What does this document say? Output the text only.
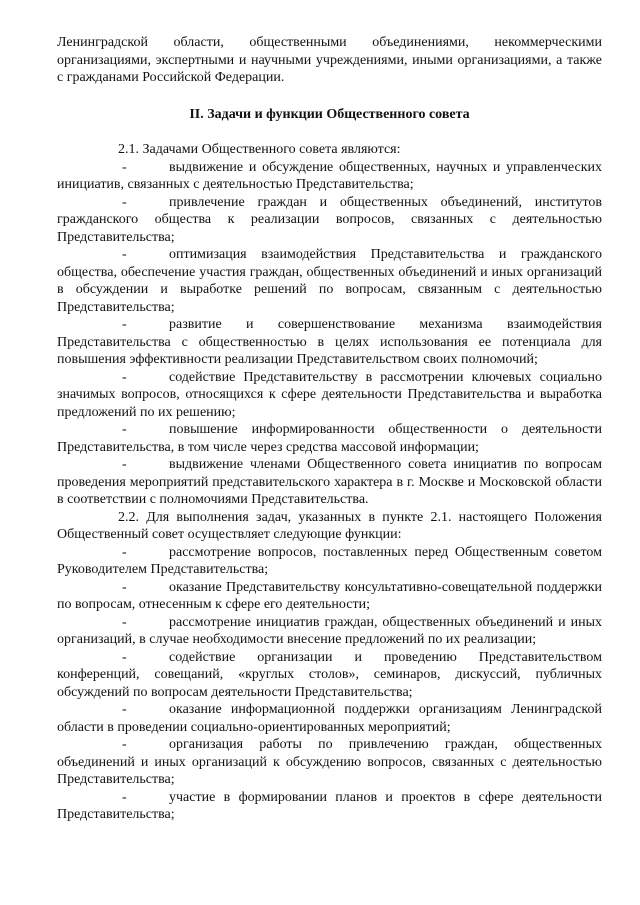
Ленинградской области, общественными объединениями, некоммерческими организациями, экспертными и научными учреждениями, иными организациями, а также с гражданами Российской Федерации.

II. Задачи и функции Общественного совета

2.1. Задачами Общественного совета являются:

-	выдвижение и обсуждение общественных, научных и управленческих инициатив, связанных с деятельностью Представительства;

-	привлечение граждан и общественных объединений, институтов гражданского общества к реализации вопросов, связанных с деятельностью Представительства;

-	оптимизация взаимодействия Представительства и гражданского общества, обеспечение участия граждан, общественных объединений и иных организаций в обсуждении и выработке решений по вопросам, связанным с деятельностью Представительства;

-	развитие и совершенствование механизма взаимодействия Представительства с общественностью в целях использования ее потенциала для повышения эффективности реализации Представительством своих полномочий;

-	содействие Представительству в рассмотрении ключевых социально значимых вопросов, относящихся к сфере деятельности Представительства и выработка предложений по их решению;

-	повышение информированности общественности о деятельности Представительства, в том числе через средства массовой информации;

-	выдвижение членами Общественного совета инициатив по вопросам проведения мероприятий представительского характера в г. Москве и Московской области в соответствии с полномочиями Представительства.

2.2. Для выполнения задач, указанных в пункте 2.1. настоящего Положения Общественный совет осуществляет следующие функции:

-	рассмотрение вопросов, поставленных перед Общественным советом Руководителем Представительства;

-	оказание Представительству консультативно-совещательной поддержки по вопросам, отнесенным к сфере его деятельности;

-	рассмотрение инициатив граждан, общественных объединений и иных организаций, в случае необходимости внесение предложений по их реализации;

-	содействие организации и проведению Представительством конференций, совещаний, «круглых столов», семинаров, дискуссий, публичных обсуждений по вопросам деятельности Представительства;

-	оказание информационной поддержки организациям Ленинградской области в проведении социально-ориентированных мероприятий;

-	организация работы по привлечению граждан, общественных объединений и иных организаций к обсуждению вопросов, связанных с деятельностью Представительства;

-	участие в формировании планов и проектов в сфере деятельности Представительства;
